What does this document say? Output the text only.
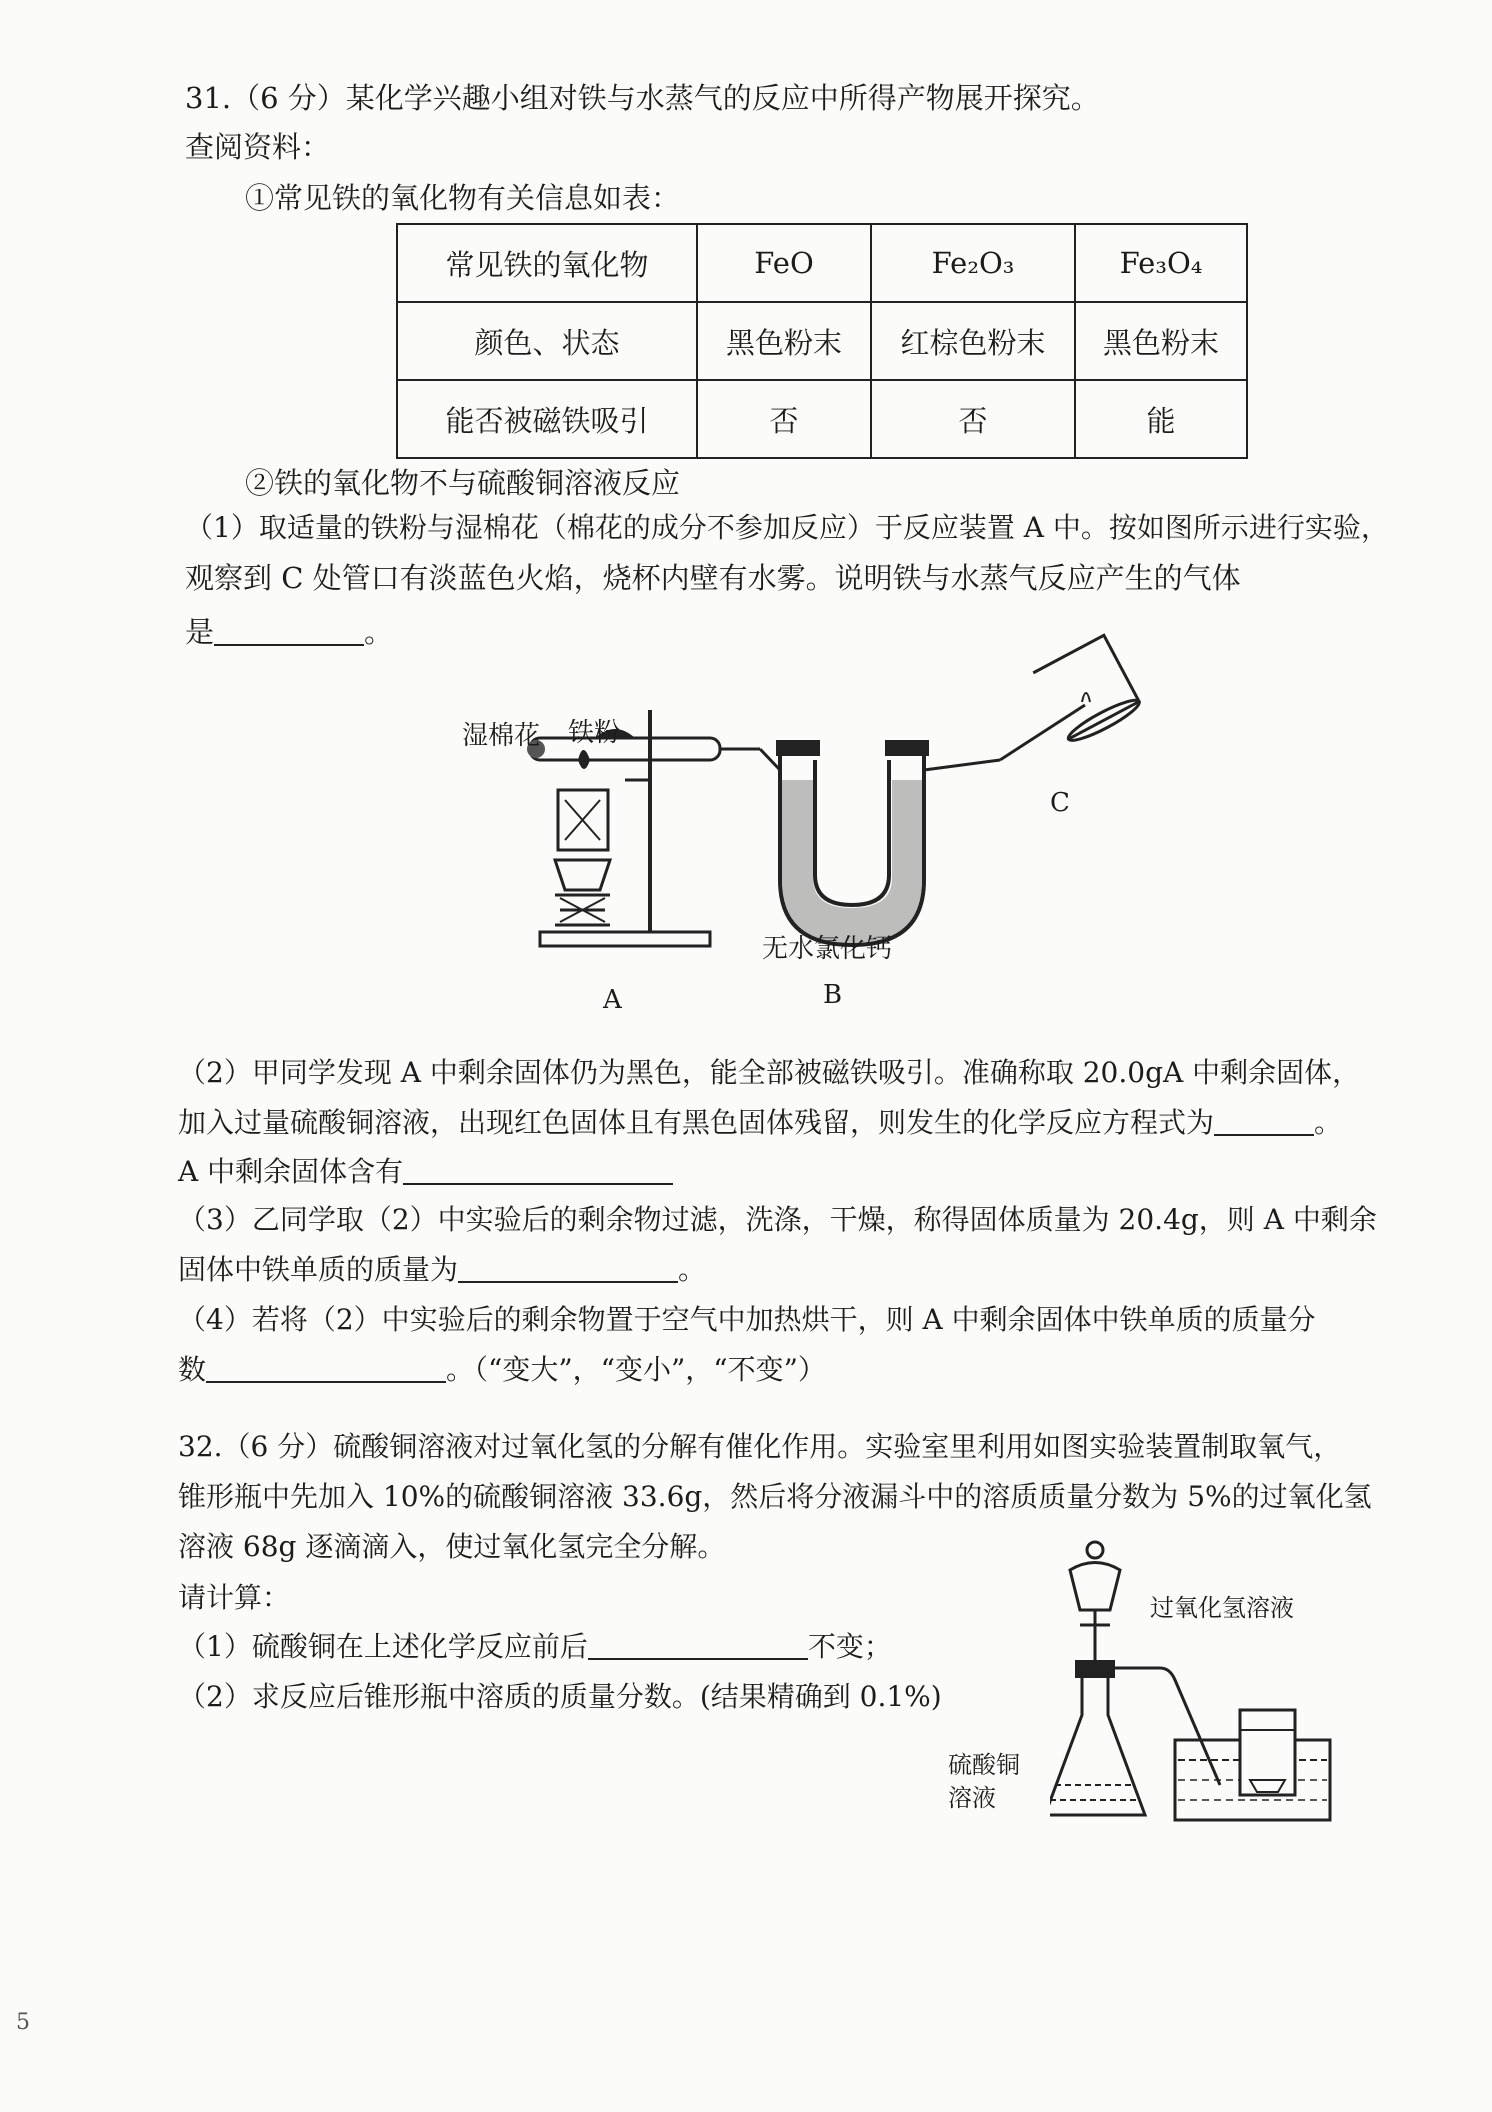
31.（6 分）某化学兴趣小组对铁与水蒸气的反应中所得产物展开探究。
查阅资料：
①常见铁的氧化物有关信息如表：
常见铁的氧化物	FeO	Fe₂O₃	Fe₃O₄
颜色、状态	黑色粉末	红棕色粉末	黑色粉末
能否被磁铁吸引	否	否	能
②铁的氧化物不与硫酸铜溶液反应
（1）取适量的铁粉与湿棉花（棉花的成分不参加反应）于反应装置 A 中。按如图所示进行实验，
观察到 C 处管口有淡蓝色火焰，烧杯内壁有水雾。说明铁与水蒸气反应产生的气体
是	。
湿棉花 铁粉
无水氯化钙
A	B
C
（2）甲同学发现 A 中剩余固体仍为黑色，能全部被磁铁吸引。准确称取 20.0gA 中剩余固体，
加入过量硫酸铜溶液，出现红色固体且有黑色固体残留，则发生的化学反应方程式为	。
A 中剩余固体含有
（3）乙同学取（2）中实验后的剩余物过滤，洗涤，干燥，称得固体质量为 20.4g，则 A 中剩余
固体中铁单质的质量为	。
（4）若将（2）中实验后的剩余物置于空气中加热烘干，则 A 中剩余固体中铁单质的质量分
数	。（“变大”，“变小”，“不变”）
32.（6 分）硫酸铜溶液对过氧化氢的分解有催化作用。实验室里利用如图实验装置制取氧气，
锥形瓶中先加入 10%的硫酸铜溶液 33.6g，然后将分液漏斗中的溶质质量分数为 5%的过氧化氢
溶液 68g 逐滴滴入，使过氧化氢完全分解。
请计算：
（1）硫酸铜在上述化学反应前后	不变；
（2）求反应后锥形瓶中溶质的质量分数。(结果精确到 0.1%)
过氧化氢溶液
硫酸铜
溶液
5
